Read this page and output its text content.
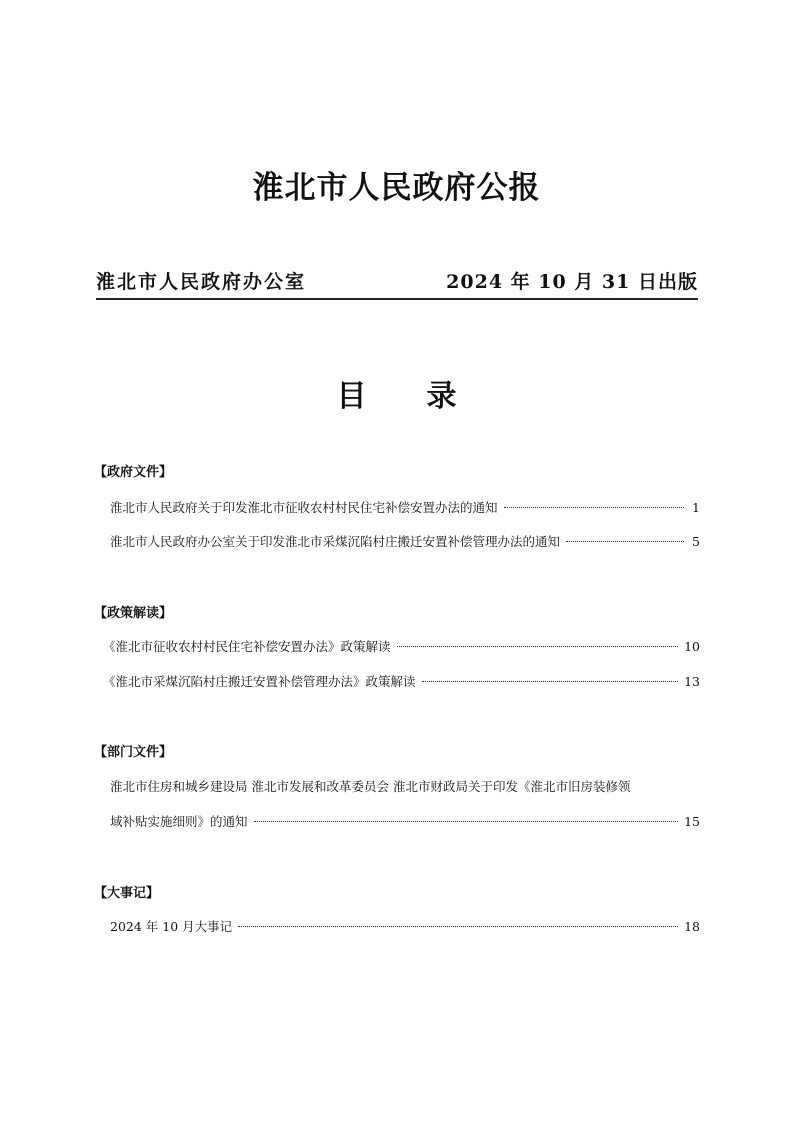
淮北市人民政府公报
淮北市人民政府办公室	2024 年 10 月 31 日出版
目录
【政府文件】
淮北市人民政府关于印发淮北市征收农村村民住宅补偿安置办法的通知	1
淮北市人民政府办公室关于印发淮北市采煤沉陷村庄搬迁安置补偿管理办法的通知	5
【政策解读】
《淮北市征收农村村民住宅补偿安置办法》政策解读	10
《淮北市采煤沉陷村庄搬迁安置补偿管理办法》政策解读	13
【部门文件】
淮北市住房和城乡建设局 淮北市发展和改革委员会 淮北市财政局关于印发《淮北市旧房装修领
域补贴实施细则》的通知	15
【大事记】
2024 年 10 月大事记	18
